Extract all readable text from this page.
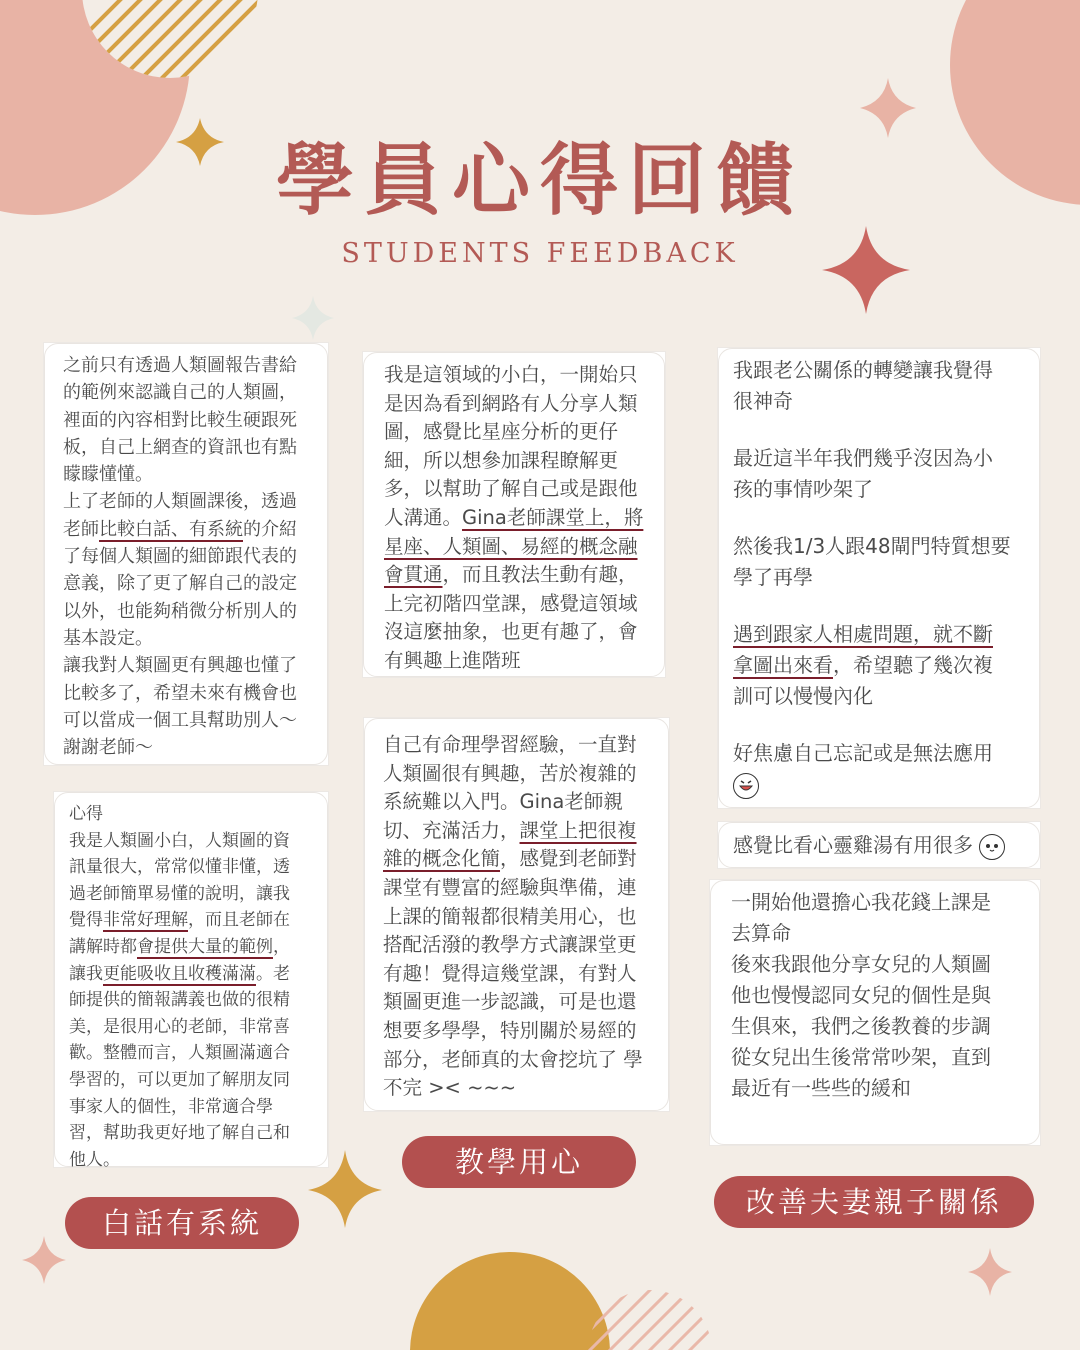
學員心得回饋
STUDENTS FEEDBACK
之前只有透過人類圖報告書給
的範例來認識自己的人類圖，
裡面的內容相對比較生硬跟死
板，自己上網查的資訊也有點
矇矇懂懂。
上了老師的人類圖課後，透過
老師比較白話、有系統的介紹
了每個人類圖的細節跟代表的
意義，除了更了解自己的設定
以外，也能夠稍微分析別人的
基本設定。
讓我對人類圖更有興趣也懂了
比較多了，希望未來有機會也
可以當成一個工具幫助別人～
謝謝老師～
心得
我是人類圖小白，人類圖的資
訊量很大，常常似懂非懂，透
過老師簡單易懂的說明，讓我
覺得非常好理解，而且老師在
講解時都會提供大量的範例，
讓我更能吸收且收穫滿滿。老
師提供的簡報講義也做的很精
美，是很用心的老師，非常喜
歡。整體而言，人類圖滿適合
學習的，可以更加了解朋友同
事家人的個性，非常適合學
習，幫助我更好地了解自己和
他人。
我是這領域的小白，一開始只
是因為看到網路有人分享人類
圖，感覺比星座分析的更仔
細，所以想參加課程瞭解更
多，以幫助了解自己或是跟他
人溝通。Gina老師課堂上，將
星座、人類圖、易經的概念融
會貫通，而且教法生動有趣，
上完初階四堂課，感覺這領域
沒這麼抽象，也更有趣了，會
有興趣上進階班
自己有命理學習經驗，一直對
人類圖很有興趣，苦於複雜的
系統難以入門。Gina老師親
切、充滿活力，課堂上把很複
雜的概念化簡，感覺到老師對
課堂有豐富的經驗與準備，連
上課的簡報都很精美用心，也
搭配活潑的教學方式讓課堂更
有趣！覺得這幾堂課，有對人
類圖更進一步認識，可是也還
想要多學學，特別關於易經的
部分，老師真的太會挖坑了 學
不完 >< ~~~
我跟老公關係的轉變讓我覺得
很神奇
最近這半年我們幾乎沒因為小
孩的事情吵架了
然後我1/3人跟48閘門特質想要
學了再學
遇到跟家人相處問題，就不斷
拿圖出來看，希望聽了幾次複
訓可以慢慢內化
好焦慮自己忘記或是無法應用
感覺比看心靈雞湯有用很多
一開始他還擔心我花錢上課是
去算命
後來我跟他分享女兒的人類圖
他也慢慢認同女兒的個性是與
生俱來，我們之後教養的步調
從女兒出生後常常吵架，直到
最近有一些些的緩和
白話有系統
教學用心
改善夫妻親子關係
